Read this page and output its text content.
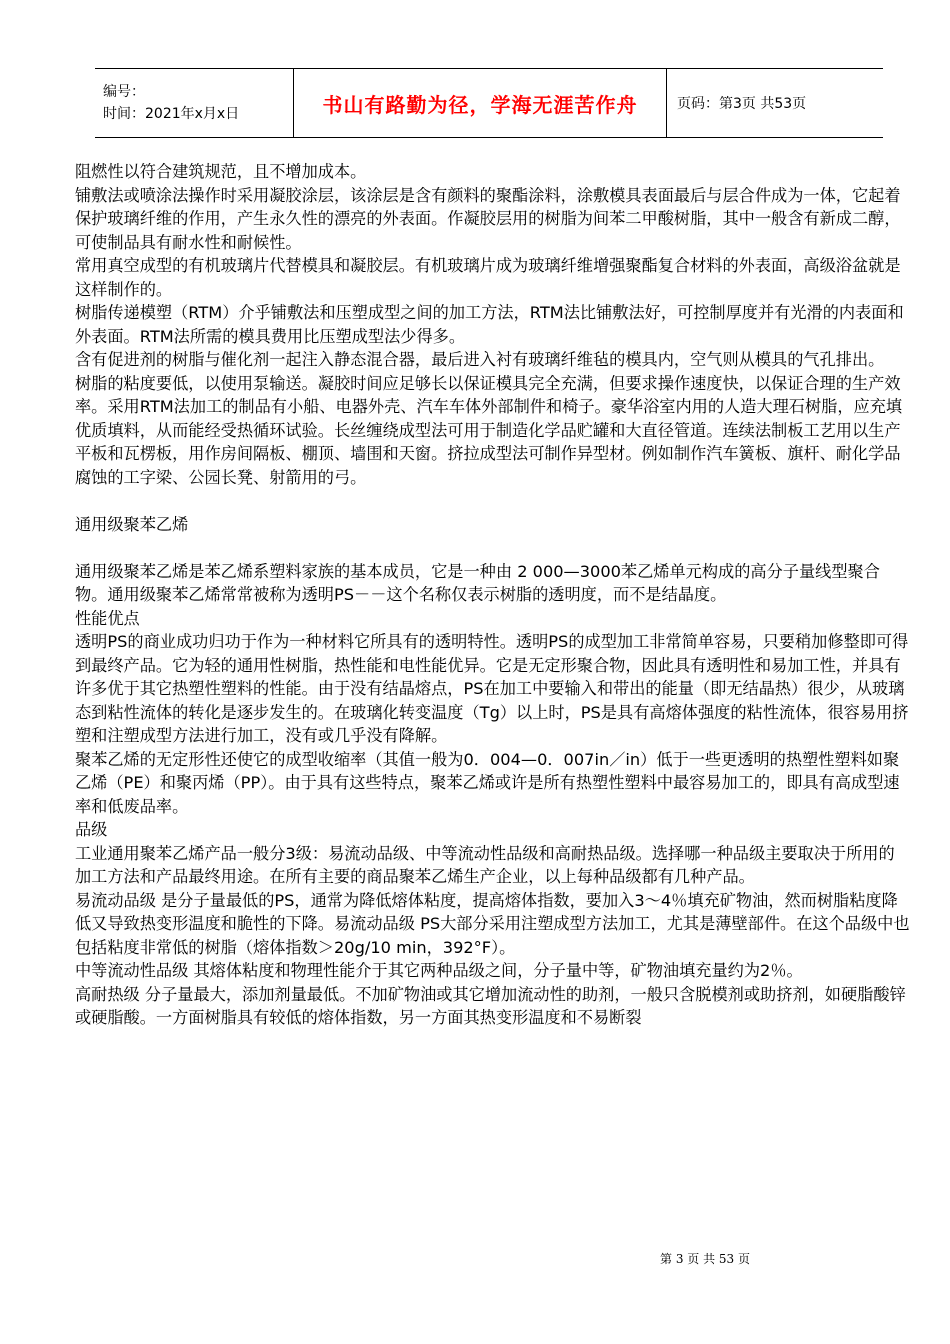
编号：
时间：2021年x月x日	书山有路勤为径，学海无涯苦作舟	页码：第3页 共53页

阻燃性以符合建筑规范，且不增加成本。

铺敷法或喷涂法操作时采用凝胶涂层，该涂层是含有颜料的聚酯涂料，涂敷模具表面最后与层合件成为一体，它起着保护玻璃纤维的作用，产生永久性的漂亮的外表面。作凝胶层用的树脂为间苯二甲酸树脂，其中一般含有新成二醇，可使制品具有耐水性和耐候性。

常用真空成型的有机玻璃片代替模具和凝胶层。有机玻璃片成为玻璃纤维增强聚酯复合材料的外表面，高级浴盆就是这样制作的。

树脂传递模塑（RTM）介乎铺敷法和压塑成型之间的加工方法，RTM法比铺敷法好，可控制厚度并有光滑的内表面和外表面。RTM法所需的模具费用比压塑成型法少得多。

含有促进剂的树脂与催化剂一起注入静态混合器，最后进入衬有玻璃纤维毡的模具内，空气则从模具的气孔排出。

树脂的粘度要低，以使用泵输送。凝胶时间应足够长以保证模具完全充满，但要求操作速度快，以保证合理的生产效率。采用RTM法加工的制品有小船、电器外壳、汽车车体外部制件和椅子。豪华浴室内用的人造大理石树脂，应充填优质填料，从而能经受热循环试验。长丝缠绕成型法可用于制造化学品贮罐和大直径管道。连续法制板工艺用以生产平板和瓦楞板，用作房间隔板、棚顶、墙围和天窗。挤拉成型法可制作异型材。例如制作汽车簧板、旗杆、耐化学品腐蚀的工字梁、公园长凳、射箭用的弓。

通用级聚苯乙烯

通用级聚苯乙烯是苯乙烯系塑料家族的基本成员，它是一种由 2 000—3000苯乙烯单元构成的高分子量线型聚合物。通用级聚苯乙烯常常被称为透明PS－－这个名称仅表示树脂的透明度，而不是结晶度。

性能优点

透明PS的商业成功归功于作为一种材料它所具有的透明特性。透明PS的成型加工非常简单容易，只要稍加修整即可得到最终产品。它为轻的通用性树脂，热性能和电性能优异。它是无定形聚合物，因此具有透明性和易加工性，并具有许多优于其它热塑性塑料的性能。由于没有结晶熔点，PS在加工中要输入和带出的能量（即无结晶热）很少，从玻璃态到粘性流体的转化是逐步发生的。在玻璃化转变温度（Tg）以上时，PS是具有高熔体强度的粘性流体，很容易用挤塑和注塑成型方法进行加工，没有或几乎没有降解。

聚苯乙烯的无定形性还使它的成型收缩率（其值一般为0．004—0．007in／in）低于一些更透明的热塑性塑料如聚乙烯（PE）和聚丙烯（PP）。由于具有这些特点，聚苯乙烯或许是所有热塑性塑料中最容易加工的，即具有高成型速率和低废品率。

品级

工业通用聚苯乙烯产品一般分3级：易流动品级、中等流动性品级和高耐热品级。选择哪一种品级主要取决于所用的加工方法和产品最终用途。在所有主要的商品聚苯乙烯生产企业，以上每种品级都有几种产品。

易流动品级 是分子量最低的PS，通常为降低熔体粘度，提高熔体指数，要加入3～4％填充矿物油，然而树脂粘度降低又导致热变形温度和脆性的下降。易流动品级 PS大部分采用注塑成型方法加工，尤其是薄壁部件。在这个品级中也包括粘度非常低的树脂（熔体指数＞20g/10 min，392°F）。

中等流动性品级 其熔体粘度和物理性能介于其它两种品级之间，分子量中等，矿物油填充量约为2％。

高耐热级 分子量最大，添加剂量最低。不加矿物油或其它增加流动性的助剂，一般只含脱模剂或助挤剂，如硬脂酸锌或硬脂酸。一方面树脂具有较低的熔体指数，另一方面其热变形温度和不易断裂

第 3 页 共 53 页
